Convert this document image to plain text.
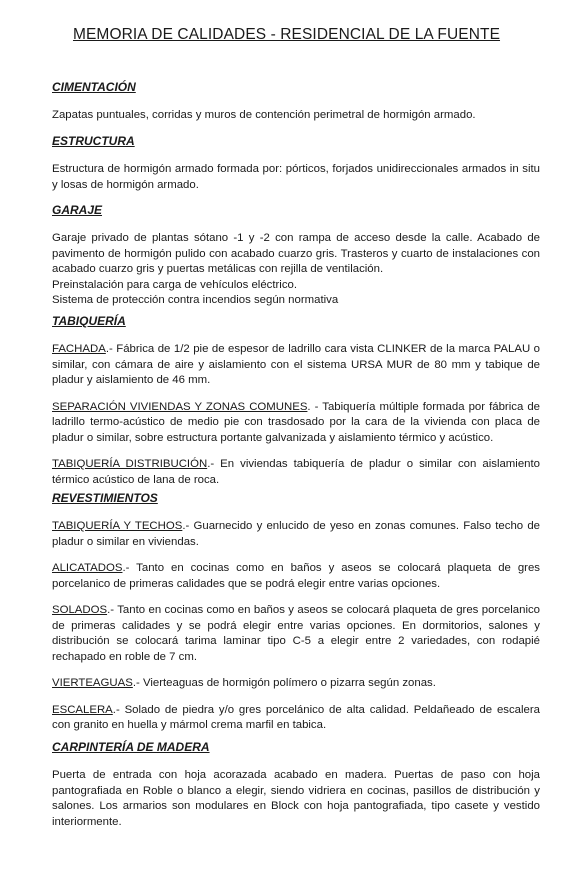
MEMORIA DE CALIDADES - RESIDENCIAL DE LA FUENTE
CIMENTACIÓN
Zapatas puntuales, corridas y muros de contención perimetral de hormigón armado.
ESTRUCTURA
Estructura de hormigón armado formada por: pórticos, forjados unidireccionales armados in situ y losas de hormigón armado.
GARAJE
Garaje privado de plantas sótano -1 y -2 con rampa de acceso desde la calle. Acabado de pavimento de hormigón pulido con acabado cuarzo gris. Trasteros y cuarto de instalaciones con acabado cuarzo gris y puertas metálicas con rejilla de ventilación.
Preinstalación para carga de vehículos eléctrico.
Sistema de protección contra incendios según normativa
TABIQUERÍA
FACHADA.- Fábrica de 1/2 pie de espesor de ladrillo cara vista CLINKER de la marca PALAU o similar, con cámara de aire y aislamiento con el sistema URSA MUR de 80 mm y tabique de pladur y aislamiento de 46 mm.
SEPARACIÓN VIVIENDAS Y ZONAS COMUNES. - Tabiquería múltiple formada por fábrica de ladrillo termo-acústico de medio pie con trasdosado por la cara de la vivienda con placa de pladur o similar, sobre estructura portante galvanizada y aislamiento térmico y acústico.
TABIQUERÍA DISTRIBUCIÓN.- En viviendas tabiquería de pladur o similar con aislamiento térmico acústico de lana de roca.
REVESTIMIENTOS
TABIQUERÍA Y TECHOS.- Guarnecido y enlucido de yeso en zonas comunes. Falso techo de pladur o similar en viviendas.
ALICATADOS.- Tanto en cocinas como en baños y aseos se colocará plaqueta de gres porcelanico de primeras calidades que se podrá elegir entre varias opciones.
SOLADOS.- Tanto en cocinas como en baños y aseos se colocará plaqueta de gres porcelanico de primeras calidades y se podrá elegir entre varias opciones. En dormitorios, salones y distribución se colocará tarima laminar tipo C-5 a elegir entre 2 variedades, con rodapié rechapado en roble de 7 cm.
VIERTEAGUAS.- Vierteaguas de hormigón polímero o pizarra según zonas.
ESCALERA.- Solado de piedra y/o gres porcelánico de alta calidad. Peldañeado de escalera con granito en huella y mármol crema marfil en tabica.
CARPINTERÍA DE MADERA
Puerta de entrada con hoja acorazada acabado en madera. Puertas de paso con hoja pantografiada en Roble o blanco a elegir, siendo vidriera en cocinas, pasillos de distribución y salones. Los armarios son modulares en Block con hoja pantografiada, tipo casete y vestido interiormente.
